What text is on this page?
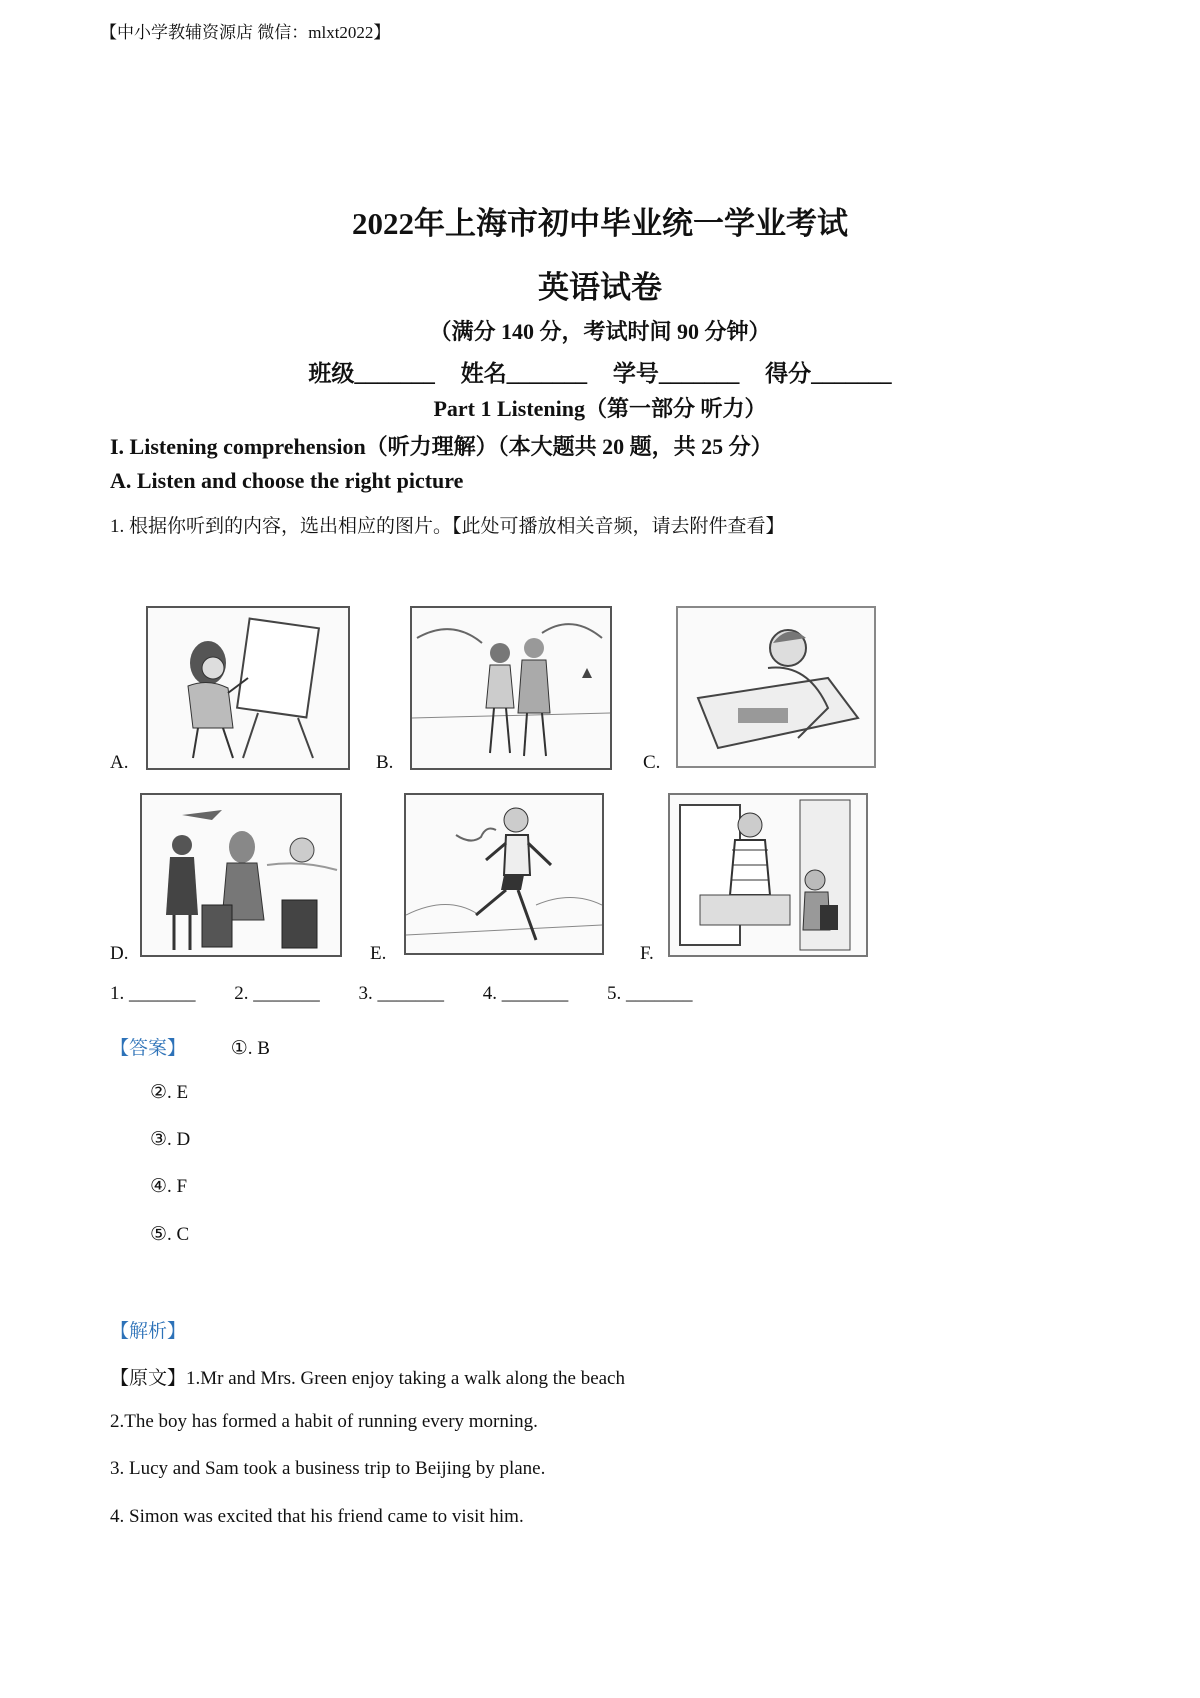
【中小学教辅资源店 微信：mlxt2022】
2022年上海市初中毕业统一学业考试
英语试卷
（满分 140 分，考试时间 90 分钟）
班级_______ 姓名_______ 学号_______ 得分_______
Part 1 Listening（第一部分 听力）
I. Listening comprehension（听力理解）（本大题共 20 题，共 25 分）
A. Listen and choose the right picture
1. 根据你听到的内容，选出相应的图片。【此处可播放相关音频，请去附件查看】
A.	B.	C.
D.	E.	F.
1. _______ 2. _______ 3. _______ 4. _______ 5. _______
【答案】 ①. B
②. E
③. D
④. F
⑤. C
【解析】
【原文】1.Mr and Mrs. Green enjoy taking a walk along the beach
2.The boy has formed a habit of running every morning.
3. Lucy and Sam took a business trip to Beijing by plane.
4. Simon was excited that his friend came to visit him.
